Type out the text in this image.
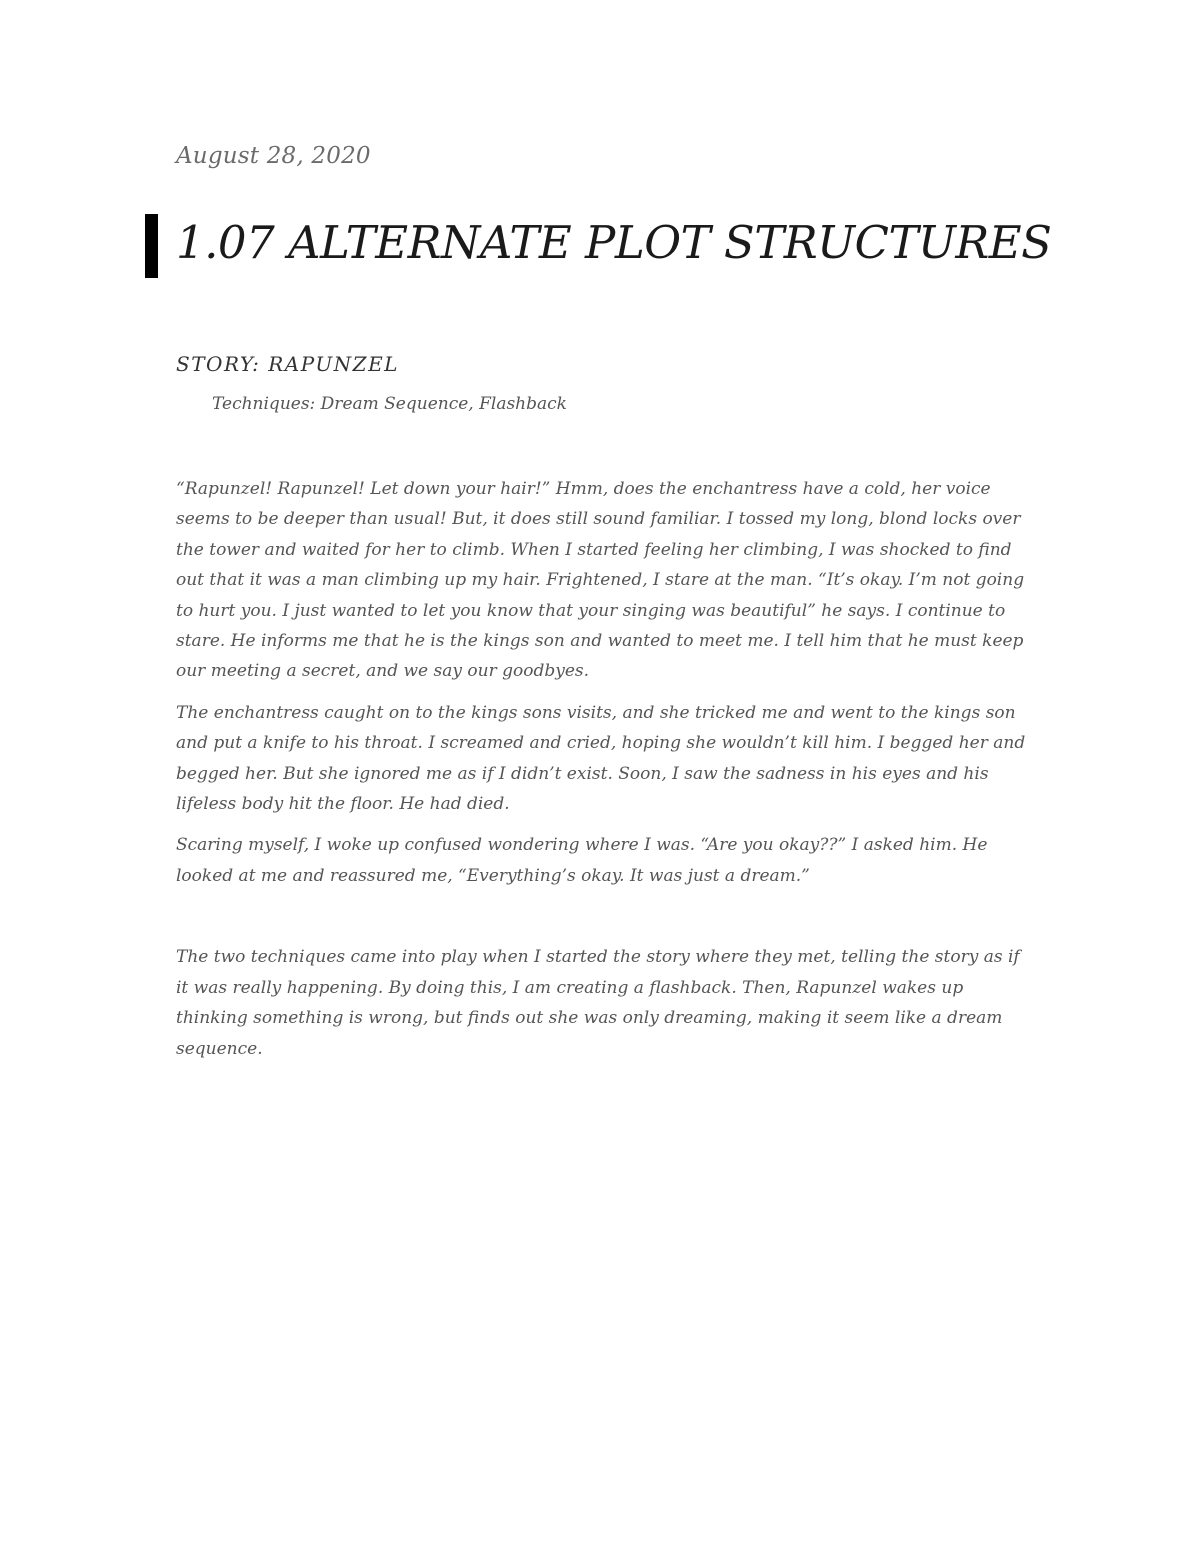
August 28, 2020
1.07 ALTERNATE PLOT STRUCTURES
STORY: RAPUNZEL
Techniques: Dream Sequence, Flashback

“Rapunzel! Rapunzel! Let down your hair!” Hmm, does the enchantress have a cold, her voice seems to be deeper than usual! But, it does still sound familiar. I tossed my long, blond locks over the tower and waited for her to climb. When I started feeling her climbing, I was shocked to find out that it was a man climbing up my hair. Frightened, I stare at the man. “It’s okay. I’m not going to hurt you. I just wanted to let you know that your singing was beautiful” he says. I continue to stare. He informs me that he is the kings son and wanted to meet me. I tell him that he must keep our meeting a secret, and we say our goodbyes.

The enchantress caught on to the kings sons visits, and she tricked me and went to the kings son and put a knife to his throat. I screamed and cried, hoping she wouldn’t kill him. I begged her and begged her. But she ignored me as if I didn’t exist. Soon, I saw the sadness in his eyes and his lifeless body hit the floor. He had died.

Scaring myself, I woke up confused wondering where I was. “Are you okay??” I asked him. He looked at me and reassured me, “Everything’s okay. It was just a dream.”

The two techniques came into play when I started the story where they met, telling the story as if it was really happening. By doing this, I am creating a flashback. Then, Rapunzel wakes up thinking something is wrong, but finds out she was only dreaming, making it seem like a dream sequence.
